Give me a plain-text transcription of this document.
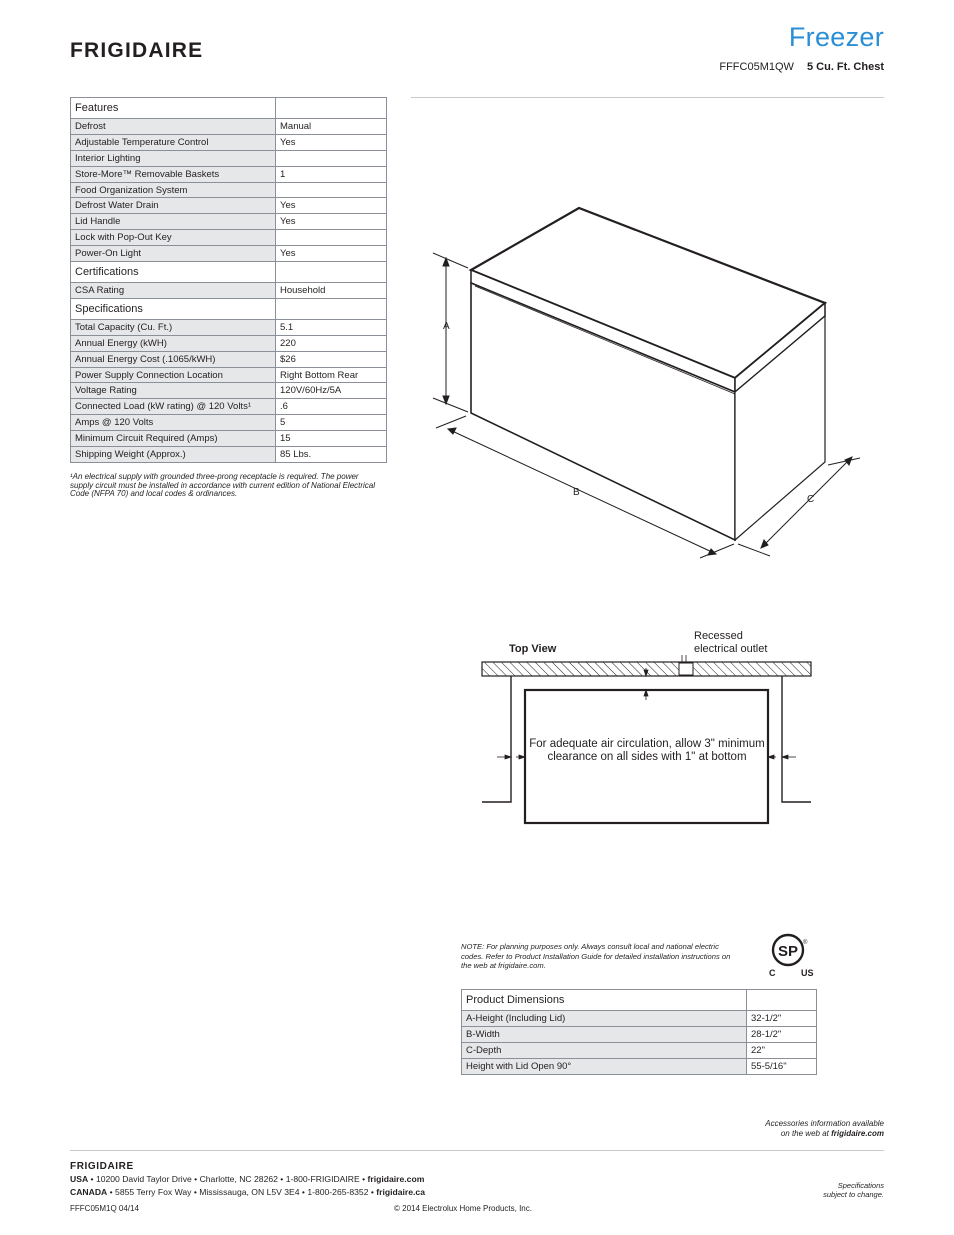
FRIGIDAIRE	Freezer
FFFC05M1QW 5 Cu. Ft. Chest
Features	
Defrost	Manual
Adjustable Temperature Control	Yes
Interior Lighting	
Store-More™ Removable Baskets	1
Food Organization System	
Defrost Water Drain	Yes
Lid Handle	Yes
Lock with Pop-Out Key	
Power-On Light	Yes
Certifications	
CSA Rating	Household
Specifications	
Total Capacity (Cu. Ft.)	5.1
Annual Energy (kWH)	220
Annual Energy Cost (.1065/kWH)	$26
Power Supply Connection Location	Right Bottom Rear
Voltage Rating	120V/60Hz/5A
Connected Load (kW rating) @ 120 Volts¹	.6
Amps @ 120 Volts	5
Minimum Circuit Required (Amps)	15
Shipping Weight (Approx.)	85 Lbs.
¹An electrical supply with grounded three-prong receptacle is required. The power supply circuit must be installed in accordance with current edition of National Electrical Code (NFPA 70) and local codes & ordinances.
A
B
C
Top View
Recessed
electrical outlet
For adequate air circulation, allow 3" minimum clearance on all sides with 1" at bottom
NOTE: For planning purposes only. Always consult local and national electric codes. Refer to Product Installation Guide for detailed installation instructions on the web at frigidaire.com.
SP ®
C	US
Product Dimensions	
A-Height (Including Lid)	32-1/2"
B-Width	28-1/2"
C-Depth	22"
Height with Lid Open 90°	55-5/16"
Accessories information available
on the web at frigidaire.com
FRIGIDAIRE
USA • 10200 David Taylor Drive • Charlotte, NC 28262 • 1-800-FRIGIDAIRE • frigidaire.com
CANADA • 5855 Terry Fox Way • Mississauga, ON L5V 3E4 • 1-800-265-8352 • frigidaire.ca
FFFC05M1Q 04/14	© 2014 Electrolux Home Products, Inc.
Specifications
subject to change.
